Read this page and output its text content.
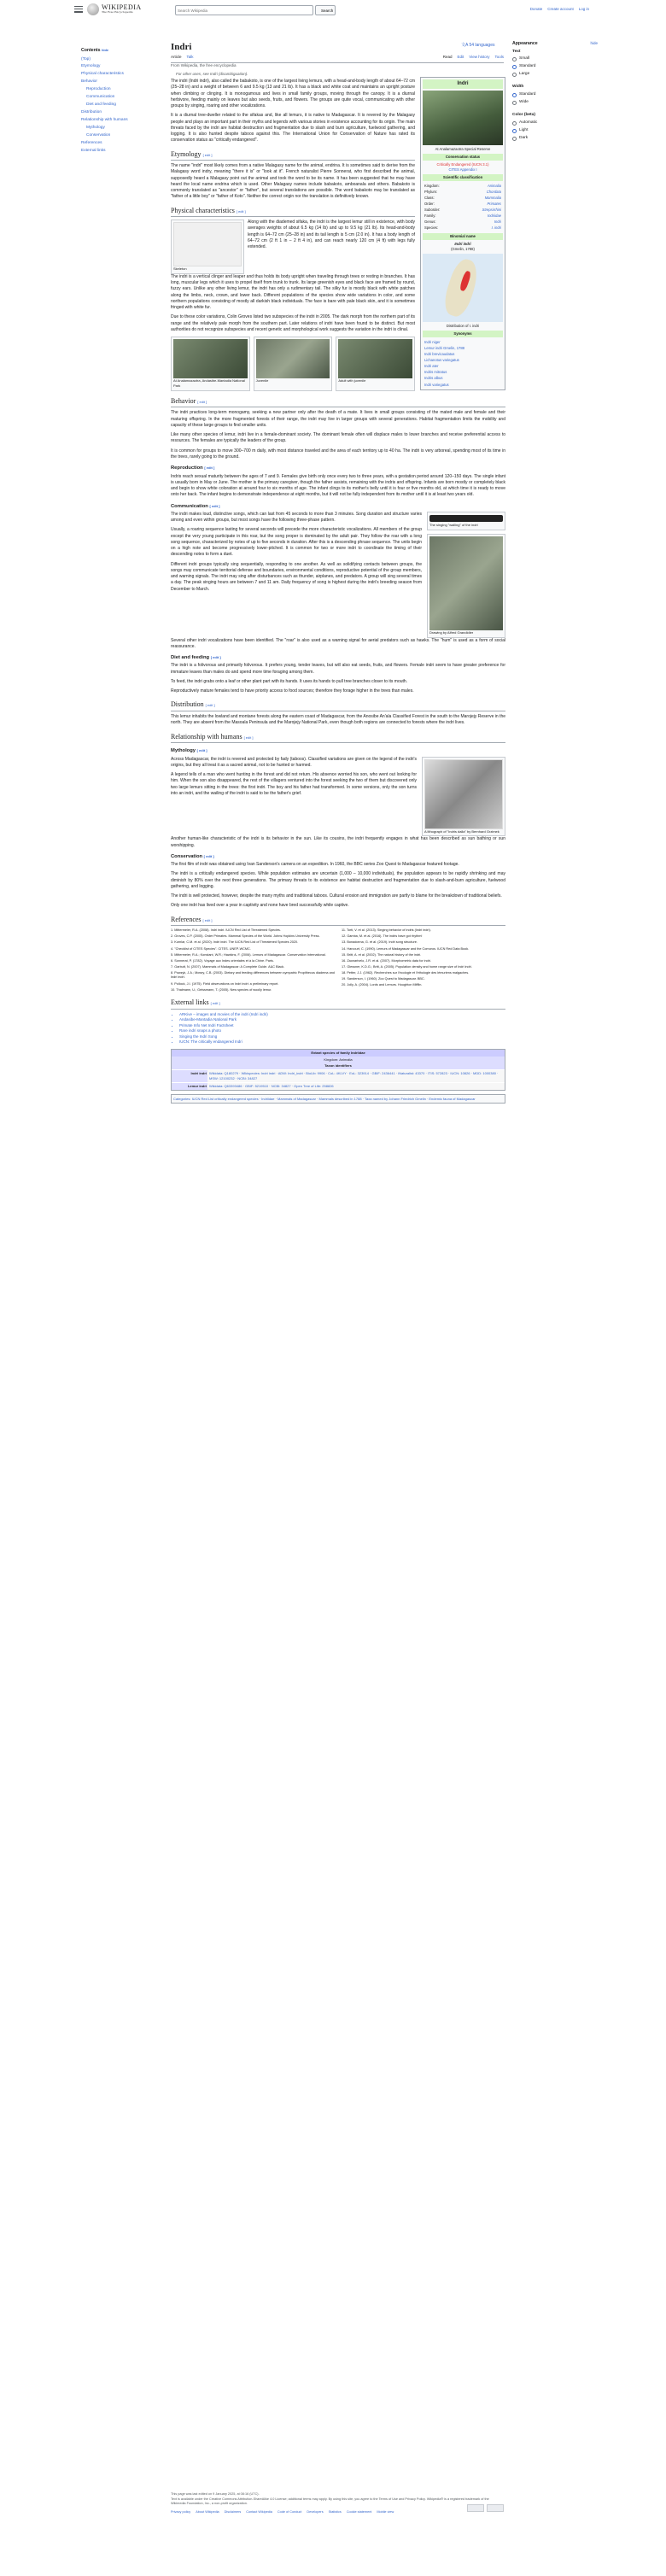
WIKIPEDIA
The Free Encyclopedia
Search Wikipedia	Search	Donate Create account Log in
Contents hide
(Top)
Etymology
Physical characteristics
Behavior
Reproduction
Communication
Diet and feeding
Distribution
Relationship with humans
Mythology
Conservation
References
External links
Indri	文A 54 languages
Article Talk	Read Edit View history Tools
From Wikipedia, the free encyclopedia
For other uses, see Indri (disambiguation).
Appearance	hide
Text
Small
Standard
Large
Width
Standard
Wide
Color (beta)
Automatic
Light
Dark
Indri
At Analamazaotra Special Reserve
Conservation status
Critically Endangered (IUCN 3.1)
CITES Appendix I
Scientific classification
Kingdom:	Animalia
Phylum:	Chordata
Class:	Mammalia
Order:	Primates
Suborder:	Strepsirrhini
Family:	Indriidae
Genus:	Indri
Species:	I. indri
Binomial name
Indri indri
(Gmelin, 1788)
Distribution of I. indri
Synonyms
Indri niger
Lemur indri Gmelin, 1788
Indri brevicaudatus
Lichanotus variegatus
Indri ater
Indris mitratus
Indris albus
Indri variegatus

The indri (Indri indri), also called the babakoto, is one of the largest living lemurs, with a head-and-body length of about 64–72 cm (25–28 in) and a weight of between 6 and 9.5 kg (13 and 21 lb). It has a black and white coat and maintains an upright posture when climbing or clinging. It is monogamous and lives in small family groups, moving through the canopy. It is a diurnal herbivore, feeding mainly on leaves but also seeds, fruits, and flowers. The groups are quite vocal, communicating with other groups by singing, roaring and other vocalizations.

It is a diurnal tree-dweller related to the sifakas and, like all lemurs, it is native to Madagascar. It is revered by the Malagasy people and plays an important part in their myths and legends with various stories in existence accounting for its origin. The main threats faced by the indri are habitat destruction and fragmentation due to slash and burn agriculture, fuelwood gathering, and logging. It is also hunted despite taboos against this. The International Union for Conservation of Nature has rated its conservation status as "critically endangered".

Etymology [ edit ]

The name "indri" most likely comes from a native Malagasy name for the animal, endrina. It is sometimes said to derive from the Malagasy word indry, meaning "there it is" or "look at it". French naturalist Pierre Sonnerat, who first described the animal, supposedly heard a Malagasy point out the animal and took the word to be its name. It has been suggested that he may have heard the local name endrina which is used. Other Malagasy names include babakoto, amboanala and others. Babakoto is commonly translated as "ancestor" or "father", but several translations are possible. The word babakoto may be translated as "father of a little boy" or "father of Koto". Neither the correct origin nor the translation is definitively known.

Physical characteristics [ edit ]
Skeleton

Along with the diademed sifaka, the indri is the largest lemur still in existence, with body averages weights of about 6.5 kg (14 lb) and up to 9.5 kg (21 lb). Its head-and-body length is 64–72 cm (25–28 in) and its tail length is 5 cm (2.0 in). It has a body length of 64–72 cm (2 ft 1 in – 2 ft 4 in), and can reach nearly 120 cm (4 ft) with legs fully extended.

The indri is a vertical clinger and leaper and thus holds its body upright when traveling through trees or resting in branches. It has long, muscular legs which it uses to propel itself from trunk to trunk. Its large greenish eyes and black face are framed by round, fuzzy ears. Unlike any other living lemur, the indri has only a rudimentary tail. The silky fur is mostly black with white patches along the limbs, neck, crown, and lower back. Different populations of the species show wide variations in color, and some northern populations consisting of mostly all darkish black individuals. The face is bare with pale black skin, and it is sometimes fringed with white fur.

Due to these color variations, Colin Groves listed two subspecies of the indri in 2005. The dark morph from the northern part of its range and the relatively pale morph from the southern part. Later relations of indri have been found to be distinct. But most authorities do not recognize subspecies and recent genetic and morphological work suggests the variation in the indri is clinal.

At Analamazaotra, Andasibe-Mantadia National Park
Juvenile	Adult with juvenile
Behavior [ edit ]

The indri practices long-term monogamy, seeking a new partner only after the death of a mate. It lives in small groups consisting of the mated male and female and their maturing offspring. In the more fragmented forests of their range, the indri may live in larger groups with several generations. Habitat fragmentation limits the mobility and capacity of these large groups to find smaller units.

Like many other species of lemur, indri live in a female-dominant society. The dominant female often will displace males to lower branches and receive preferential access to resources. The females are typically the leaders of the group.

It is common for groups to move 300–700 m daily, with most distance traveled and the area of each territory up to 40 ha. The indri is very arboreal, spending most of its time in the trees, rarely going to the ground.

Reproduction [ edit ]

Indris reach sexual maturity between the ages of 7 and 9. Females give birth only once every two to three years, with a gestation period around 120–150 days. The single infant is usually born in May or June. The mother is the primary caregiver, though the father assists, remaining with the indris and offspring. Infants are born mostly or completely black and begin to show white coloration at around four to six months of age. The infant clings to its mother's belly until it is four or five months old, at which time it is ready to move onto her back. The infant begins to demonstrate independence at eight months, but it will not be fully independent from its mother until it is at least two years old.

Communication [ edit ]

The indri makes loud, distinctive songs, which can last from 45 seconds to more than 3 minutes. Song duration and structure varies among and even within groups, but most songs have the following three-phase pattern.

Usually, a roaring sequence lasting for several seconds will precede the more characteristic vocalizations. All members of the group except the very young participate in this roar, but the song proper is dominated by the adult pair. They follow the roar with a long song sequence, characterized by notes of up to five seconds in duration. After this is a descending phrase sequence. The units begin on a high note and become progressively lower-pitched. It is common for two or more indri to coordinate the timing of their descending notes to form a duet.

Different indri groups typically sing sequentially, responding to one another. As well as solidifying contacts between groups, the songs may communicate territorial defense and boundaries, environmental conditions, reproductive potential of the group members, and warning signals. The indri may sing after disturbances such as thunder, airplanes, and predators. A group will sing several times a day. The peak singing hours are between 7 and 11 am. Daily frequency of song is highest during the indri's breeding season from December to March.

The singing "wailing" of the indri
Drawing by Alfred Grandidier

Several other indri vocalizations have been identified. The "roar" is also used as a warning signal for aerial predators such as hawks. The "hum" is used as a form of social reassurance.

Diet and feeding [ edit ]

The indri is a folivorous and primarily folivorous. It prefers young, tender leaves, but will also eat seeds, fruits, and flowers. Female indri seem to have greater preference for immature leaves than males do and spend more time foraging among them.

To feed, the indri grabs onto a leaf or other plant part with its hands. It uses its hands to pull tree branches closer to its mouth.

Reproductively mature females tend to have priority access to food sources; therefore they forage higher in the trees than males.

Distribution [ edit ]

This lemur inhabits the lowland and montane forests along the eastern coast of Madagascar, from the Anosibe An'ala Classified Forest in the south to the Marojejy Reserve in the north. They are absent from the Masoala Peninsula and the Marojejy National Park, even though both regions are connected to forests where the indri lives.

Relationship with humans [ edit ]
Mythology [ edit ]

Across Madagascar, the indri is revered and protected by fady (taboos). Classified variations are given on the legend of the indri's origins, but they all treat it as a sacred animal, not to be hunted or harmed.

A legend tells of a man who went hunting in the forest and did not return. His absence worried his son, who went out looking for him. When the son also disappeared, the rest of the villagers ventured into the forest seeking the two of them but discovered only two large lemurs sitting in the trees: the first indri. The boy and his father had transformed. In some versions, only the son turns into an indri, and the wailing of the indri is said to be the father's grief.

A lithograph of "Indris dalla" by Bernhard Grzimek

Another human-like characteristic of the indri is its behavior in the sun. Like its cousins, the indri frequently engages in what has been described as sun bathing or sun worshipping.

Conservation [ edit ]

The first film of indri was obtained using Ivan Sanderson's camera on an expedition. In 1960, the BBC series Zoo Quest to Madagascar featured footage.

The indri is a critically endangered species. While population estimates are uncertain (1,000 – 10,000 individuals), the population appears to be rapidly shrinking and may diminish by 80% over the next three generations. The primary threats to its existence are habitat destruction and fragmentation due to slash-and-burn agriculture, fuelwood gathering, and logging.

The indri is well protected, however, despite the many myths and traditional taboos. Cultural erosion and immigration are partly to blame for the breakdown of traditional beliefs.

Only one indri has lived over a year in captivity and none have bred successfully while captive.

References [ edit ]
1. Mittermeier, R.A. (2008). Indri indri. IUCN Red List of Threatened Species.
2. Groves, C.P. (2005). Order Primates. Mammal Species of the World. Johns Hopkins University Press.
3. Kurnlar, C.M. et al. (2020). Indri indri. The IUCN Red List of Threatened Species 2020.
4. "Checklist of CITES Species". CITES. UNEP-WCMC.
5. Mittermeier, R.A.; Konstant, W.R.; Hawkins, F. (2006). Lemurs of Madagascar. Conservation International.
6. Sonnerat, P. (1782). Voyage aux Indes orientales et à la Chine. Paris.
7. Garbutt, N. (2007). Mammals of Madagascar: A Complete Guide. A&C Black.
8. Powzyk, J.A.; Mowry, C.B. (2003). Dietary and feeding differences between sympatric Propithecus diadema and Indri indri.
9. Pollock, J.I. (1975). Field observations on Indri indri: a preliminary report.
10. Thalmann, U.; Geissmann, T. (2005). New species of woolly lemur.
11. Torti, V. et al. (2013). Singing behavior of indris (Indri indri).
12. Gamba, M. et al. (2016). The indris have got rhythm!
13. Bonadonna, G. et al. (2019). Indri song structure.
14. Harcourt, C. (1990). Lemurs of Madagascar and the Comoros. IUCN Red Data Book.
15. Britt, A. et al. (2002). The natural history of the indri.
16. Zaonarivelo, J.R. et al. (2007). Morphometric data for indri.
17. Glessner, K.D.G.; Britt, A. (2005). Population density and home range size of Indri indri.
18. Petter, J.J. (1962). Recherches sur l'écologie et l'éthologie des lémuriens malgaches.
19. Sanderson, I. (1960). Zoo Quest to Madagascar. BBC.
20. Jolly, A. (2004). Lords and Lemurs. Houghton Mifflin.
External links [ edit ]
• ARKive – images and movies of the indri (Indri indri)
• Andasibe-Mantadia National Park
• Primate Info Net Indri Factsheet
• Rare indri snaps a photo
• Singing the Indri Song
• IUCN: The critically endangered Indri
Extant species of family Indriidae
Kingdom: Animalia
Taxon identifiers
Indri indri Wikidata: Q180279 · Wikispecies: Indri indri · ADW: Indri_indri · BioLib: 9906 · CoL: 4KLVY · EoL: 323914 · GBIF: 2436441 · iNaturalist: 43370 · ITIS: 572823 · IUCN: 10826 · MDD: 1000380 · MSW: 12100232 · NCBI: 34827
Lemur indri Wikidata: Q63393486 · GBIF: 5219510 · NCBI: 34827 · Open Tree of Life: 258826
Categories: IUCN Red List critically endangered species · Indriidae · Mammals of Madagascar · Mammals described in 1788 · Taxa named by Johann Friedrich Gmelin · Endemic fauna of Madagascar
This page was last edited on 9 January 2025, at 08:16 (UTC).
Text is available under the Creative Commons Attribution-ShareAlike 4.0 License; additional terms may apply. By using this site, you agree to the Terms of Use and Privacy Policy. Wikipedia® is a registered trademark of the Wikimedia Foundation, Inc., a non-profit organization.
Privacy policy About Wikipedia Disclaimers Contact Wikipedia Code of Conduct Developers Statistics Cookie statement Mobile view
